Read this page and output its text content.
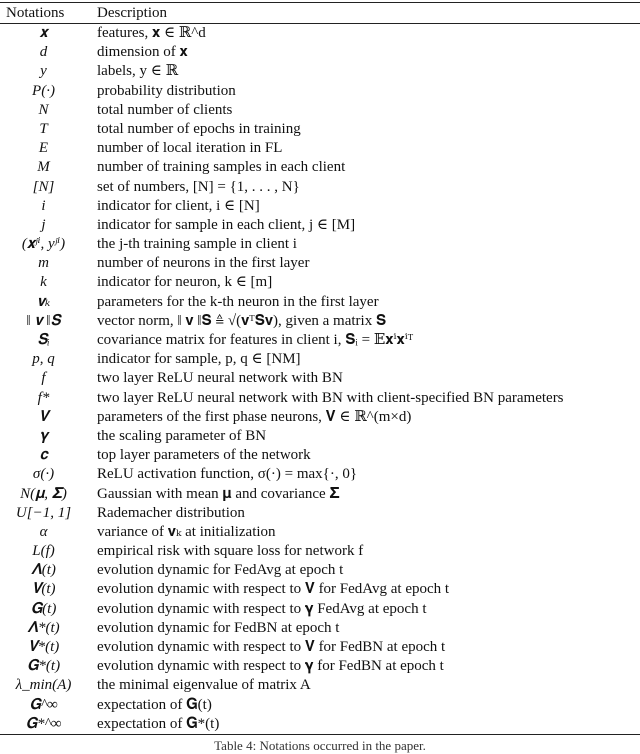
Notations	Description
𝐱	features, 𝐱 ∈ ℝ^d
d	dimension of 𝐱
y	labels, y ∈ ℝ
P(·)	probability distribution
N	total number of clients
T	total number of epochs in training
E	number of local iteration in FL
M	number of training samples in each client
[N]	set of numbers, [N] = {1, . . . , N}
i	indicator for client, i ∈ [N]
j	indicator for sample in each client, j ∈ [M]
(𝐱ʲⁱ, yʲⁱ)	the j-th training sample in client i
m	number of neurons in the first layer
k	indicator for neuron, k ∈ [m]
𝐯ₖ	parameters for the k-th neuron in the first layer
‖ 𝐯 ‖𝐒	vector norm, ‖ 𝐯 ‖𝐒 ≜ √(𝐯ᵀ𝐒𝐯), given a matrix 𝐒
𝐒ᵢ	covariance matrix for features in client i, 𝐒ᵢ = 𝔼𝐱ⁱ𝐱ⁱᵀ
p, q	indicator for sample, p, q ∈ [NM]
f	two layer ReLU neural network with BN
f*	two layer ReLU neural network with BN with client-specified BN parameters
𝐕	parameters of the first phase neurons, 𝐕 ∈ ℝ^(m×d)
𝛄	the scaling parameter of BN
𝐜	top layer parameters of the network
σ(·)	ReLU activation function, σ(·) = max{·, 0}
N(𝛍, 𝚺)	Gaussian with mean 𝛍 and covariance 𝚺
U[−1, 1]	Rademacher distribution
α	variance of 𝐯ₖ at initialization
L(f)	empirical risk with square loss for network f
𝚲(t)	evolution dynamic for FedAvg at epoch t
𝐕(t)	evolution dynamic with respect to 𝐕 for FedAvg at epoch t
𝐆(t)	evolution dynamic with respect to 𝛄 FedAvg at epoch t
𝚲*(t)	evolution dynamic for FedBN at epoch t
𝐕*(t)	evolution dynamic with respect to 𝐕 for FedBN at epoch t
𝐆*(t)	evolution dynamic with respect to 𝛄 for FedBN at epoch t
λ_min(A)	the minimal eigenvalue of matrix A
𝐆^∞	expectation of 𝐆(t)
𝐆*^∞	expectation of 𝐆*(t)
Table 4: Notations occurred in the paper.
